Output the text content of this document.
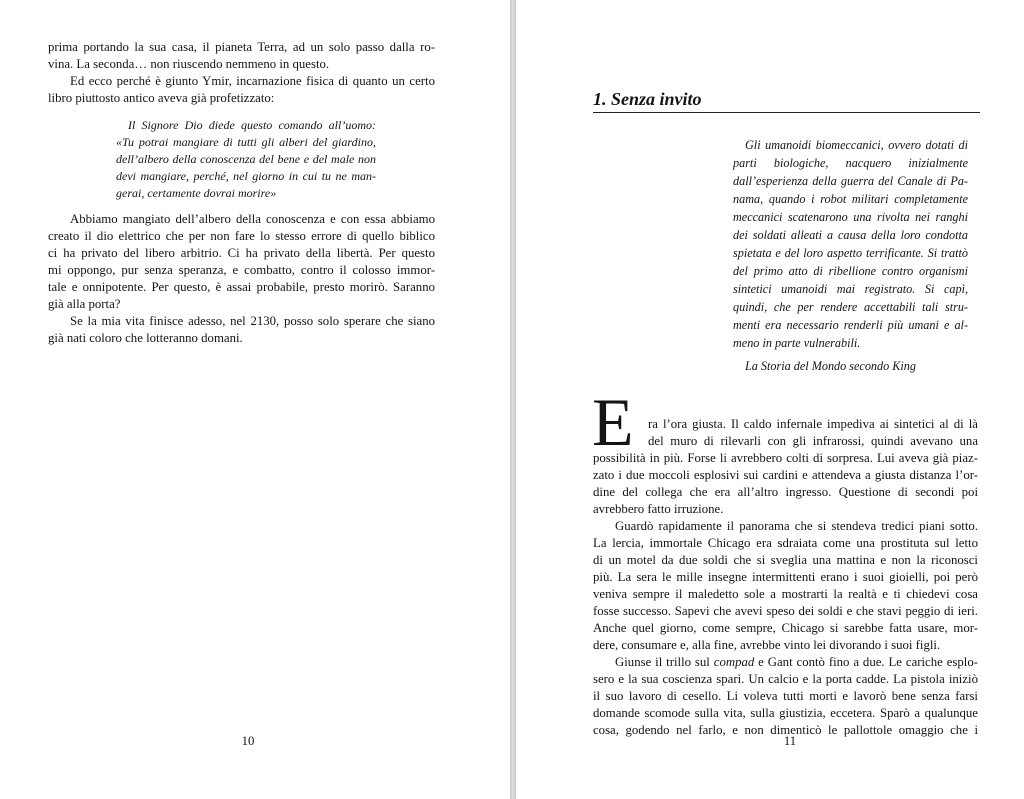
prima portando la sua casa, il pianeta Terra, ad un solo passo dalla ro-
vina. La seconda… non riuscendo nemmeno in questo.
Ed ecco perché è giunto Ymir, incarnazione fisica di quanto un certo
libro piuttosto antico aveva già profetizzato:
Il Signore Dio diede questo comando all’uomo:
«Tu potrai mangiare di tutti gli alberi del giardino,
dell’albero della conoscenza del bene e del male non
devi mangiare, perché, nel giorno in cui tu ne man-
gerai, certamente dovrai morire»
Abbiamo mangiato dell’albero della conoscenza e con essa abbiamo
creato il dio elettrico che per non fare lo stesso errore di quello biblico
ci ha privato del libero arbitrio. Ci ha privato della libertà. Per questo
mi oppongo, pur senza speranza, e combatto, contro il colosso immor-
tale e onnipotente. Per questo, è assai probabile, presto morirò. Saranno
già alla porta?
Se la mia vita finisce adesso, nel 2130, posso solo sperare che siano
già nati coloro che lotteranno domani.
10
1. Senza invito
Gli umanoidi biomeccanici, ovvero dotati di
parti biologiche, nacquero inizialmente
dall’esperienza della guerra del Canale di Pa-
nama, quando i robot militari completamente
meccanici scatenarono una rivolta nei ranghi
dei soldati alleati a causa della loro condotta
spietata e del loro aspetto terrificante. Si trattò
del primo atto di ribellione contro organismi
sintetici umanoidi mai registrato. Si capì,
quindi, che per rendere accettabili tali stru-
menti era necessario renderli più umani e al-
meno in parte vulnerabili.
La Storia del Mondo secondo King
E	ra l’ora giusta. Il caldo infernale impediva ai sintetici al di là
del muro di rilevarli con gli infrarossi, quindi avevano una
possibilità in più. Forse li avrebbero colti di sorpresa. Lui aveva già piaz-
zato i due moccoli esplosivi sui cardini e attendeva a giusta distanza l’or-
dine del collega che era all’altro ingresso. Questione di secondi poi
avrebbero fatto irruzione.
Guardò rapidamente il panorama che si stendeva tredici piani sotto.
La lercia, immortale Chicago era sdraiata come una prostituta sul letto
di un motel da due soldi che si sveglia una mattina e non la riconosci
più. La sera le mille insegne intermittenti erano i suoi gioielli, poi però
veniva sempre il maledetto sole a mostrarti la realtà e ti chiedevi cosa
fosse successo. Sapevi che avevi speso dei soldi e che stavi peggio di ieri.
Anche quel giorno, come sempre, Chicago si sarebbe fatta usare, mor-
dere, consumare e, alla fine, avrebbe vinto lei divorando i suoi figli.
Giunse il trillo sul compad e Gant contò fino a due. Le cariche esplo-
sero e la sua coscienza sparì. Un calcio e la porta cadde. La pistola iniziò
il suo lavoro di cesello. Li voleva tutti morti e lavorò bene senza farsi
domande scomode sulla vita, sulla giustizia, eccetera. Sparò a qualunque
cosa, godendo nel farlo, e non dimenticò le pallottole omaggio che i
11
